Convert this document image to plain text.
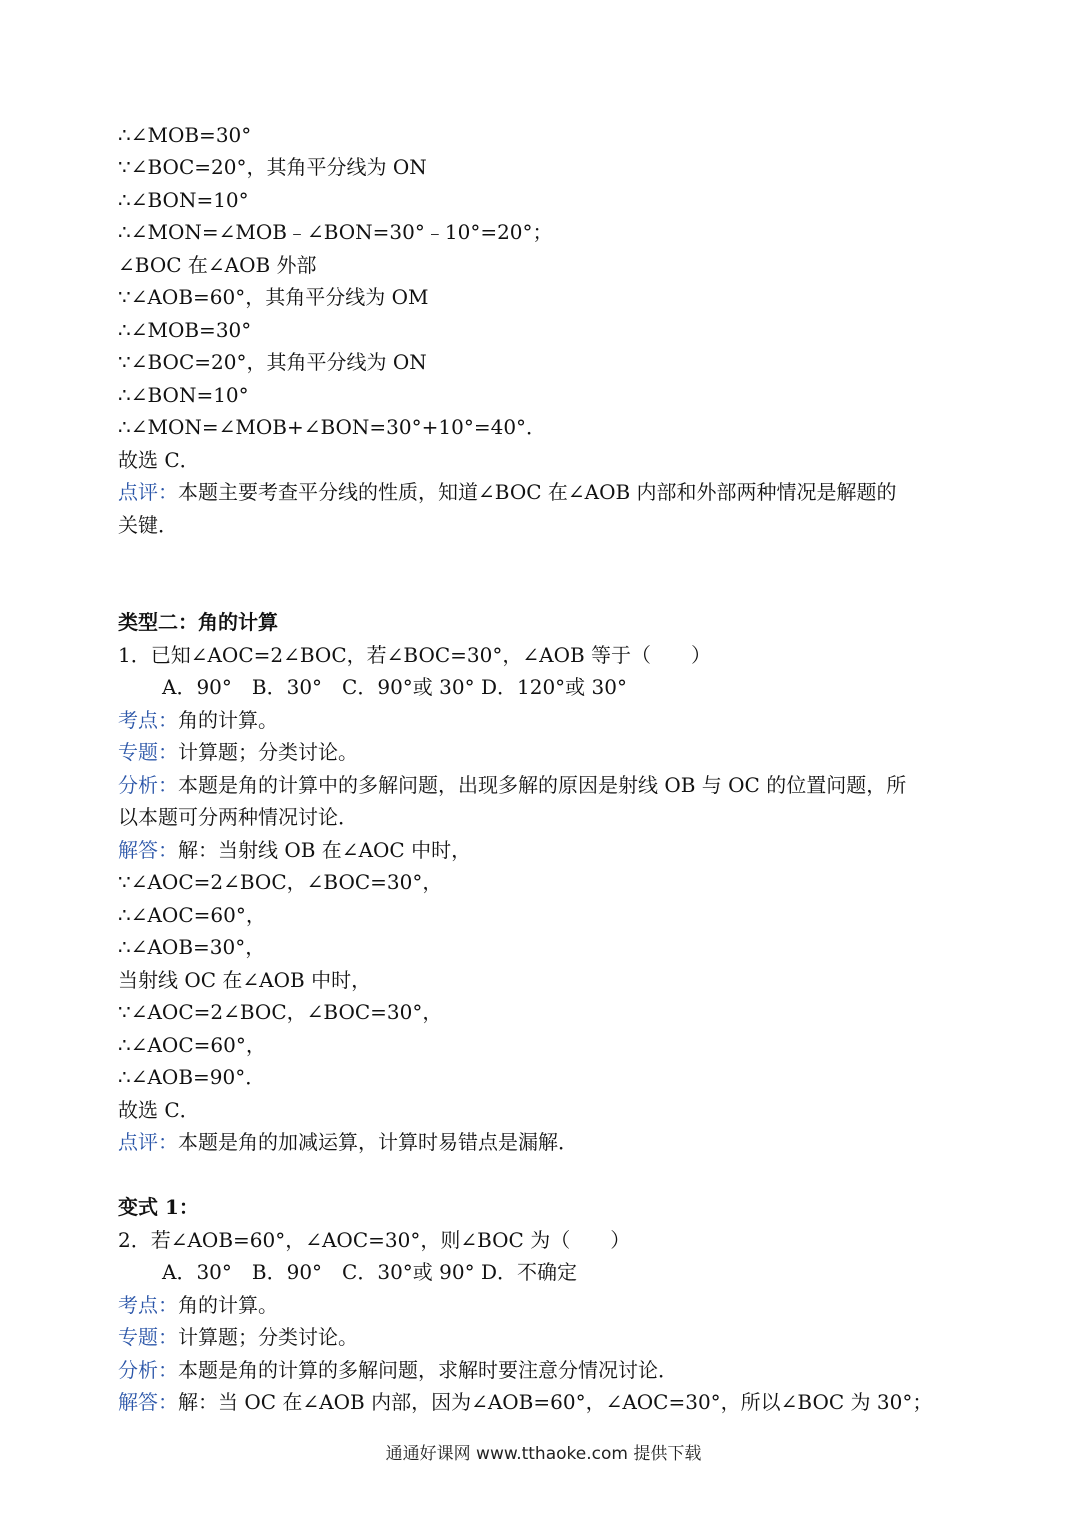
∴∠MOB=30°
∵∠BOC=20°，其角平分线为 ON
∴∠BON=10°
∴∠MON=∠MOB﹣∠BON=30°﹣10°=20°；
∠BOC 在∠AOB 外部
∵∠AOB=60°，其角平分线为 OM
∴∠MOB=30°
∵∠BOC=20°，其角平分线为 ON
∴∠BON=10°
∴∠MON=∠MOB+∠BON=30°+10°=40°．
故选 C．
点评：本题主要考查平分线的性质，知道∠BOC 在∠AOB 内部和外部两种情况是解题的
关键．
类型二：角的计算
1．已知∠AOC=2∠BOC，若∠BOC=30°，∠AOB 等于（　　）
A．90°　B．30°　C．90°或 30° D．120°或 30°
考点：角的计算。
专题：计算题；分类讨论。
分析：本题是角的计算中的多解问题，出现多解的原因是射线 OB 与 OC 的位置问题，所
以本题可分两种情况讨论．
解答：解：当射线 OB 在∠AOC 中时，
∵∠AOC=2∠BOC，∠BOC=30°，
∴∠AOC=60°，
∴∠AOB=30°，
当射线 OC 在∠AOB 中时，
∵∠AOC=2∠BOC，∠BOC=30°，
∴∠AOC=60°，
∴∠AOB=90°．
故选 C．
点评：本题是角的加减运算，计算时易错点是漏解．
变式 1：
2．若∠AOB=60°，∠AOC=30°，则∠BOC 为（　　）
A．30°　B．90°　C．30°或 90° D．不确定
考点：角的计算。
专题：计算题；分类讨论。
分析：本题是角的计算的多解问题，求解时要注意分情况讨论．
解答：解：当 OC 在∠AOB 内部，因为∠AOB=60°，∠AOC=30°，所以∠BOC 为 30°；
通通好课网 www.tthaoke.com 提供下载
